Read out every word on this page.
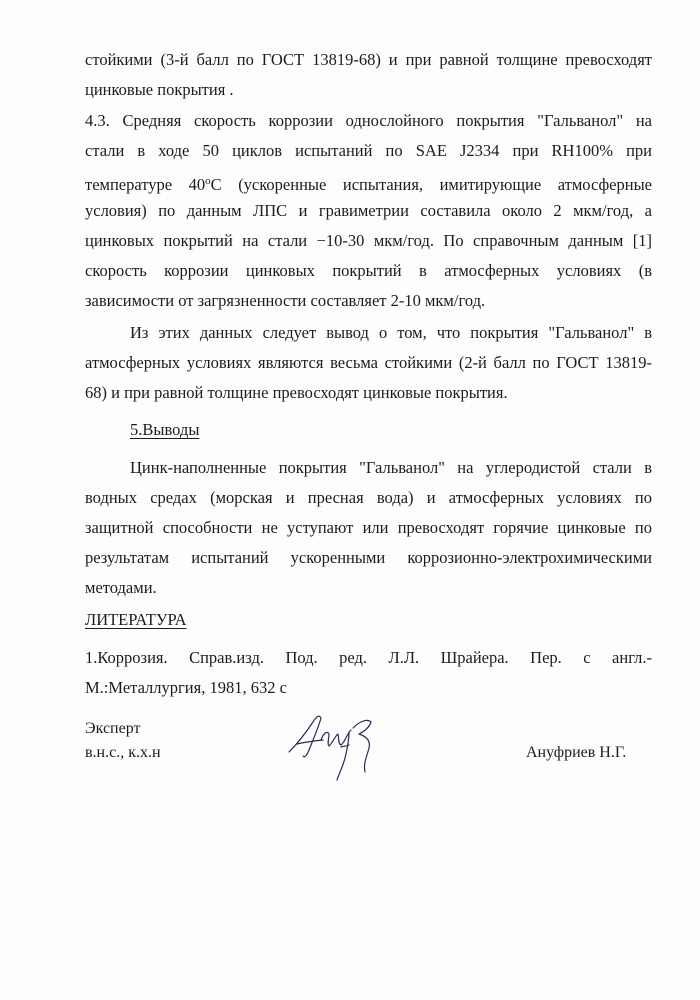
стойкими (3-й балл по ГОСТ 13819-68) и при равной толщине превосходят
цинковые покрытия .
4.3. Средняя скорость коррозии однослойного покрытия "Гальванол" на
стали в ходе 50 циклов испытаний по SAE J2334 при RH100% при
температуре 40$^o$С (ускоренные испытания, имитирующие атмосферные
условия) по данным ЛПС и гравиметрии составила около 2 мкм/год, а
цинковых покрытий на стали −10-30 мкм/год. По справочным данным [1]
скорость коррозии цинковых покрытий в атмосферных условиях (в
зависимости от загрязненности составляет 2-10 мкм/год.
Из этих данных следует вывод о том, что покрытия "Гальванол" в
атмосферных условиях являются весьма стойкими (2-й балл по ГОСТ 13819-
68) и при равной толщине превосходят цинковые покрытия.
5.Выводы
Цинк-наполненные покрытия "Гальванол" на углеродистой стали в
водных средах (морская и пресная вода) и атмосферных условиях по
защитной способности не уступают или превосходят горячие цинковые по
результатам испытаний ускоренными коррозионно-электрохимическими
методами.
ЛИТЕРАТУРА
1.Коррозия. Справ.изд. Под. ред. Л.Л. Шрайера. Пер. с англ.-
М.:Металлургия, 1981, 632 с
Эксперт
в.н.с., к.х.н	Ануфриев Н.Г.
